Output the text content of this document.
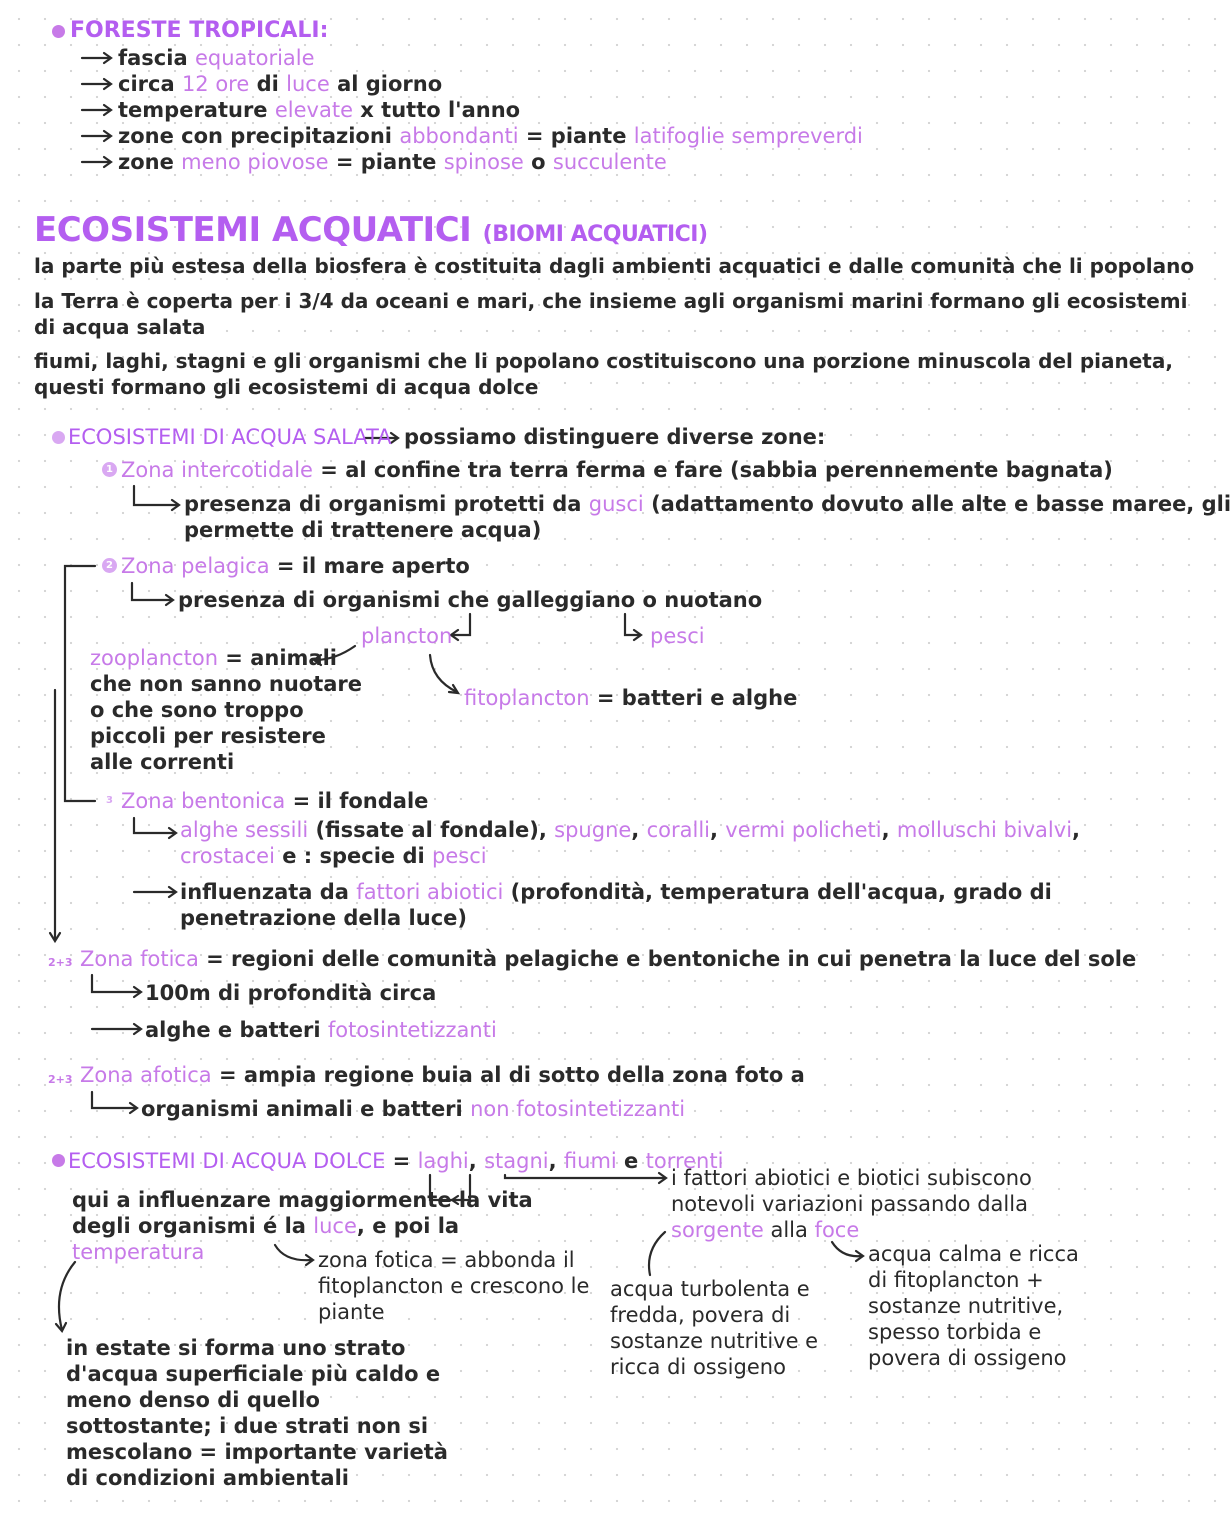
FORESTE TROPICALI:
fascia equatoriale
circa 12 ore di luce al giorno
temperature elevate x tutto l'anno
zone con precipitazioni abbondanti = piante latifoglie sempreverdi
zone meno piovose = piante spinose o succulente
ECOSISTEMI ACQUATICI (BIOMI ACQUATICI)
la parte più estesa della biosfera è costituita dagli ambienti acquatici e dalle comunità che li popolano
la Terra è coperta per i 3/4 da oceani e mari, che insieme agli organismi marini formano gli ecosistemi
di acqua salata
fiumi, laghi, stagni e gli organismi che li popolano costituiscono una porzione minuscola del pianeta,
questi formano gli ecosistemi di acqua dolce
ECOSISTEMI DI ACQUA SALATA possiamo distinguere diverse zone:
1 Zona intercotidale = al confine tra terra ferma e fare (sabbia perennemente bagnata)
presenza di organismi protetti da gusci (adattamento dovuto alle alte e basse maree, gli
permette di trattenere acqua)
2 Zona pelagica = il mare aperto
presenza di organismi che galleggiano o nuotano
plancton	pesci
zooplancton = animali
che non sanno nuotare
o che sono troppo
piccoli per resistere
alle correnti
fitoplancton = batteri e alghe
3 Zona bentonica = il fondale
alghe sessili (fissate al fondale), spugne, coralli, vermi policheti, molluschi bivalvi,
crostacei e : specie di pesci
influenzata da fattori abiotici (profondità, temperatura dell'acqua, grado di
penetrazione della luce)
2+3 Zona fotica = regioni delle comunità pelagiche e bentoniche in cui penetra la luce del sole
100m di profondità circa
alghe e batteri fotosintetizzanti
2+3 Zona afotica = ampia regione buia al di sotto della zona foto a
organismi animali e batteri non fotosintetizzanti
ECOSISTEMI DI ACQUA DOLCE = laghi, stagni, fiumi e torrenti
qui a influenzare maggiormente la vita
degli organismi é la luce, e poi la
temperatura	zona fotica = abbonda il
fitoplancton e crescono le
piante
in estate si forma uno strato
d'acqua superficiale più caldo e
meno denso di quello
sottostante; i due strati non si
mescolano = importante varietà
di condizioni ambientali
i fattori abiotici e biotici subiscono
notevoli variazioni passando dalla
sorgente alla foce
acqua turbolenta e
fredda, povera di
sostanze nutritive e
ricca di ossigeno
acqua calma e ricca
di fitoplancton +
sostanze nutritive,
spesso torbida e
povera di ossigeno
